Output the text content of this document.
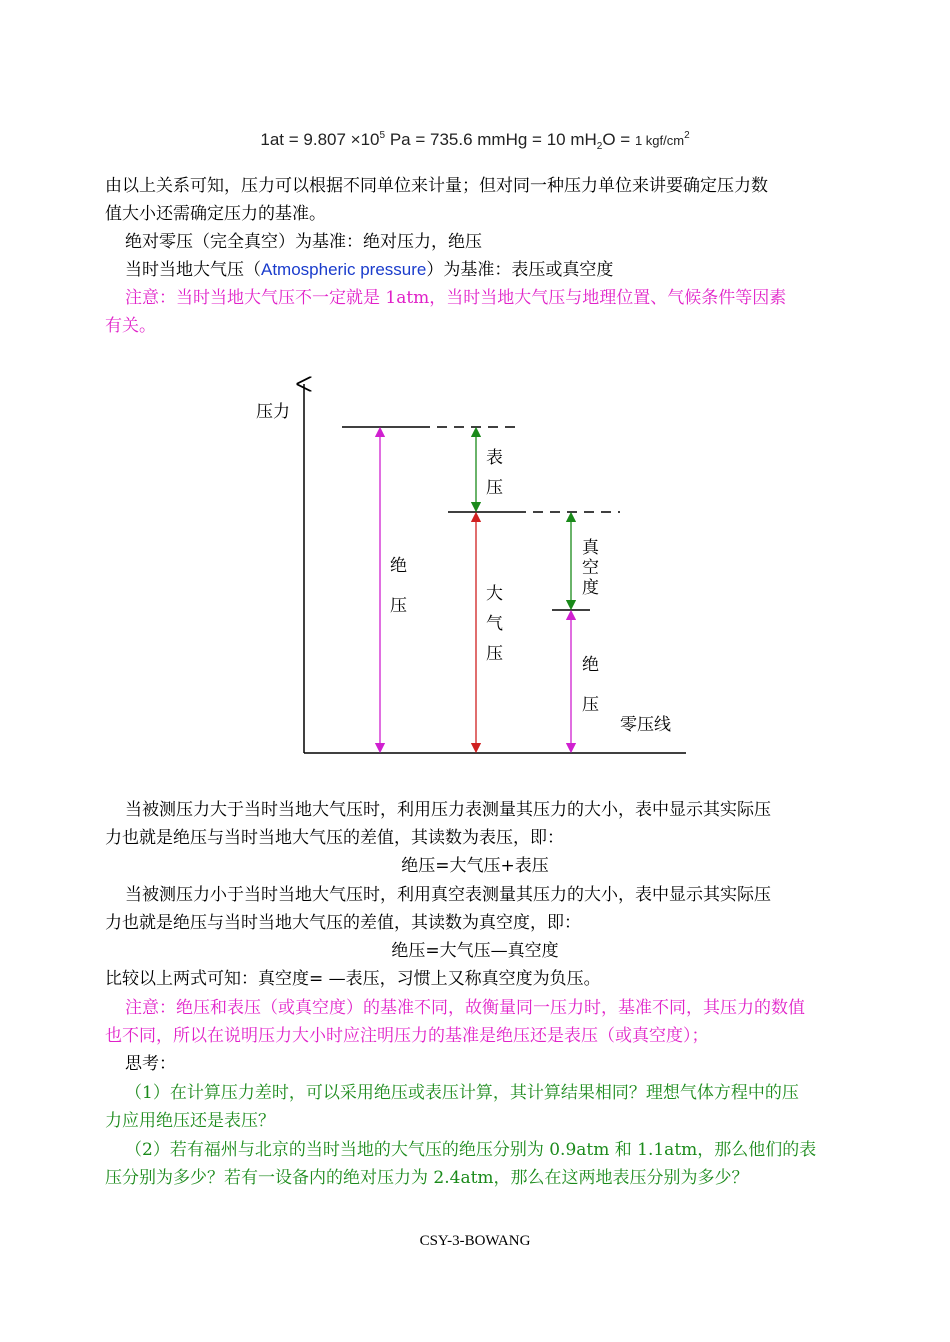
$1at = 9.807 \times 10^5$ Pa = 735.6 mmHg = 10 $mH_2O = 1$ kgf/$cm^2$
由以上关系可知，压力可以根据不同单位来计量；但对同一种压力单位来讲要确定压力数
值大小还需确定压力的基准。
绝对零压（完全真空）为基准：绝对压力，绝压
当时当地大气压（Atmospheric pressure）为基准：表压或真空度
注意：当时当地大气压不一定就是 1atm，当时当地大气压与地理位置、气候条件等因素
有关。
压力
表
压
绝
压
大
气
压
真
空
度
绝
压
零压线
当被测压力大于当时当地大气压时，利用压力表测量其压力的大小，表中显示其实际压
力也就是绝压与当时当地大气压的差值，其读数为表压，即：
绝压=大气压+表压
当被测压力小于当时当地大气压时，利用真空表测量其压力的大小，表中显示其实际压
力也就是绝压与当时当地大气压的差值，其读数为真空度，即：
绝压=大气压—真空度
比较以上两式可知：真空度= —表压，习惯上又称真空度为负压。
注意：绝压和表压（或真空度）的基准不同，故衡量同一压力时，基准不同，其压力的数值
也不同，所以在说明压力大小时应注明压力的基准是绝压还是表压（或真空度）；
思考：
（1）在计算压力差时，可以采用绝压或表压计算，其计算结果相同？理想气体方程中的压
力应用绝压还是表压？
（2）若有福州与北京的当时当地的大气压的绝压分别为 0.9atm 和 1.1atm，那么他们的表
压分别为多少？若有一设备内的绝对压力为 2.4atm，那么在这两地表压分别为多少？
CSY-3-BOWANG
